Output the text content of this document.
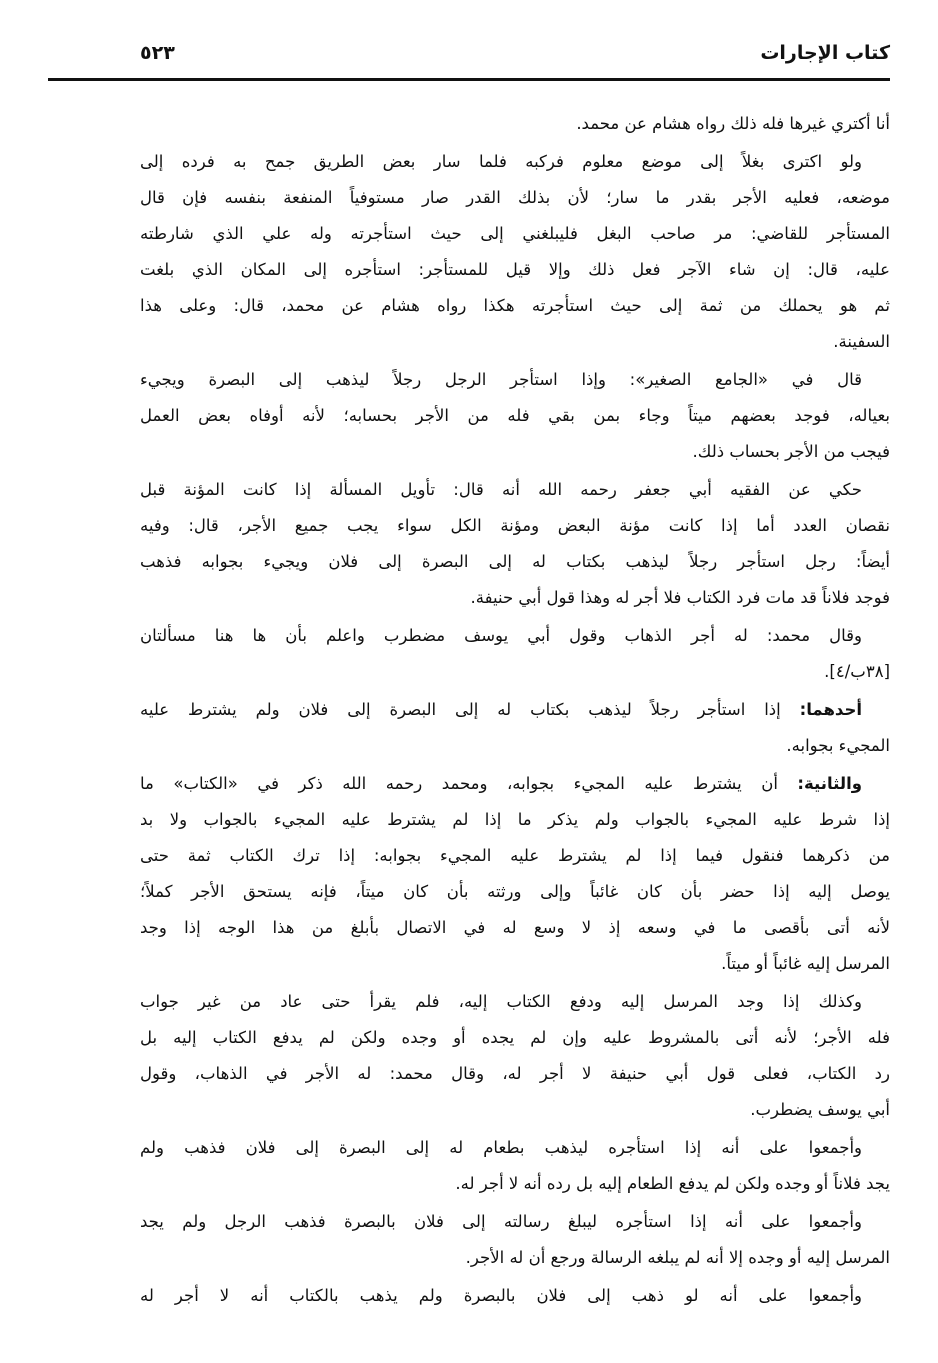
كتاب الإجارات
٥٢٣
أنا أكتري غيرها فله ذلك رواه هشام عن محمد.
ولو اكترى بغلاً إلى موضع معلوم فركبه فلما سار بعض الطريق جمح به فرده إلى
موضعه، فعليه الأجر بقدر ما سار؛ لأن بذلك القدر صار مستوفياً المنفعة بنفسه فإن قال
المستأجر للقاضي: مر صاحب البغل فليبلغني إلى حيث استأجرته وله علي الذي شارطته
عليه، قال: إن شاء الآجر فعل ذلك وإلا قيل للمستأجر: استأجره إلى المكان الذي بلغت
ثم هو يحملك من ثمة إلى حيث استأجرته هكذا رواه هشام عن محمد، قال: وعلى هذا
السفينة.
قال في «الجامع الصغير»: وإذا استأجر الرجل رجلاً ليذهب إلى البصرة ويجيء
بعياله، فوجد بعضهم ميتاً وجاء بمن بقي فله من الأجر بحسابه؛ لأنه أوفاه بعض العمل
فيجب من الأجر بحساب ذلك.
حكي عن الفقيه أبي جعفر رحمه الله أنه قال: تأويل المسألة إذا كانت المؤنة قبل
نقصان العدد أما إذا كانت مؤنة البعض ومؤنة الكل سواء يجب جميع الأجر، قال: وفيه
أيضاً: رجل استأجر رجلاً ليذهب بكتاب له إلى البصرة إلى فلان ويجيء بجوابه فذهب
فوجد فلاناً قد مات فرد الكتاب فلا أجر له وهذا قول أبي حنيفة.
وقال محمد: له أجر الذهاب وقول أبي يوسف مضطرب واعلم بأن ها هنا مسألتان
[٣٨ب/٤].
أحدهما: إذا استأجر رجلاً ليذهب بكتاب له إلى البصرة إلى فلان ولم يشترط عليه
المجيء بجوابه.
والثانية: أن يشترط عليه المجيء بجوابه، ومحمد رحمه الله ذكر في «الكتاب» ما
إذا شرط عليه المجيء بالجواب ولم يذكر ما إذا لم يشترط عليه المجيء بالجواب ولا بد
من ذكرهما فنقول فيما إذا لم يشترط عليه المجيء بجوابه: إذا ترك الكتاب ثمة حتى
يوصل إليه إذا حضر بأن كان غائباً وإلى ورثته بأن كان ميتاً، فإنه يستحق الأجر كملاً؛
لأنه أتى بأقصى ما في وسعه إذ لا وسع له في الاتصال بأبلغ من هذا الوجه إذا وجد
المرسل إليه غائباً أو ميتاً.
وكذلك إذا وجد المرسل إليه ودفع الكتاب إليه، فلم يقرأ حتى عاد من غير جواب
فله الأجر؛ لأنه أتى بالمشروط عليه وإن لم يجده أو وجده ولكن لم يدفع الكتاب إليه بل
رد الكتاب، فعلى قول أبي حنيفة لا أجر له، وقال محمد: له الأجر في الذهاب، وقول
أبي يوسف يضطرب.
وأجمعوا على أنه إذا استأجره ليذهب بطعام له إلى البصرة إلى فلان فذهب ولم
يجد فلاناً أو وجده ولكن لم يدفع الطعام إليه بل رده أنه لا أجر له.
وأجمعوا على أنه إذا استأجره ليبلغ رسالته إلى فلان بالبصرة فذهب الرجل ولم يجد
المرسل إليه أو وجده إلا أنه لم يبلغه الرسالة ورجع أن له الأجر.
وأجمعوا على أنه لو ذهب إلى فلان بالبصرة ولم يذهب بالكتاب أنه لا أجر له
